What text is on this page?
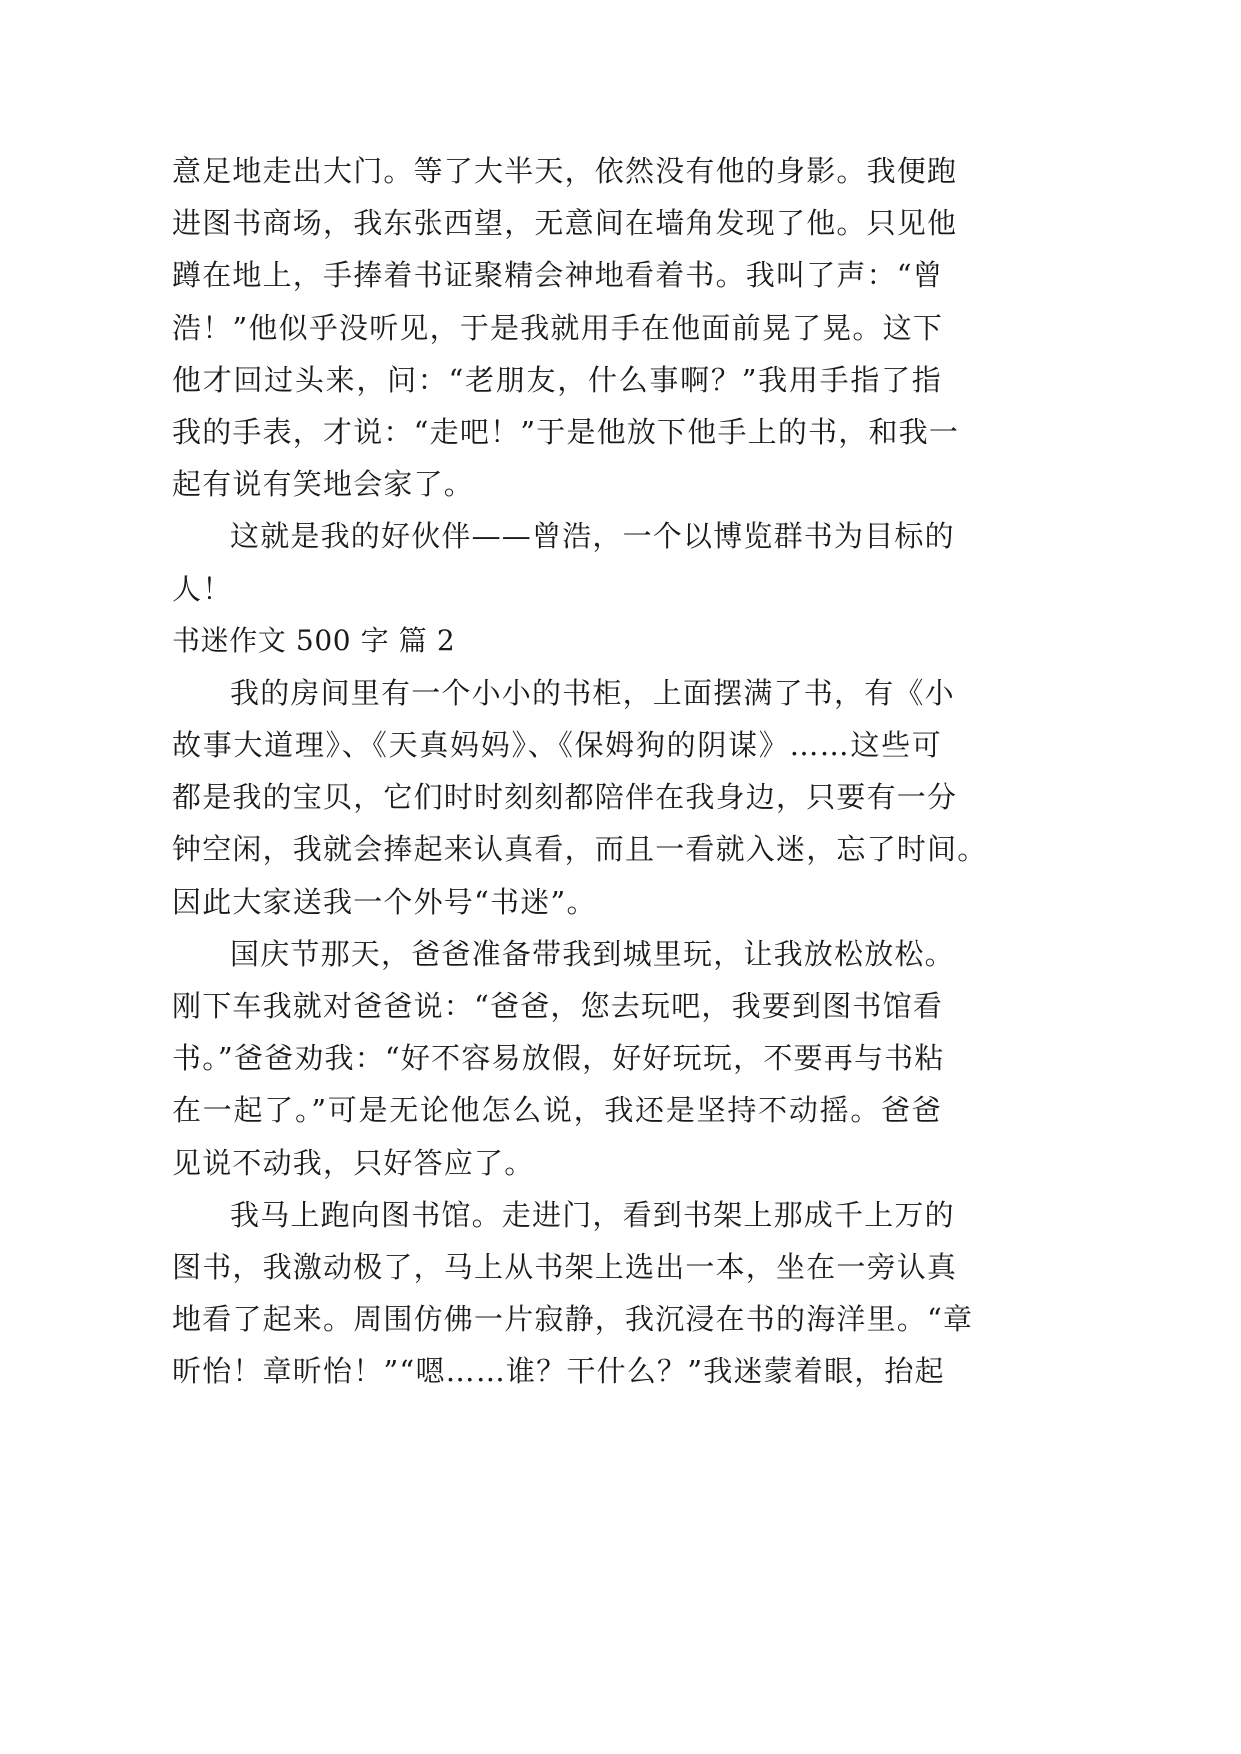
意足地走出大门。等了大半天，依然没有他的身影。我便跑
进图书商场，我东张西望，无意间在墙角发现了他。只见他
蹲在地上，手捧着书证聚精会神地看着书。我叫了声：“曾
浩！”他似乎没听见，于是我就用手在他面前晃了晃。这下
他才回过头来，问：“老朋友，什么事啊？”我用手指了指
我的手表，才说：“走吧！”于是他放下他手上的书，和我一
起有说有笑地会家了。
这就是我的好伙伴——曾浩，一个以博览群书为目标的
人！
书迷作文 500 字 篇 2
我的房间里有一个小小的书柜，上面摆满了书，有《小
故事大道理》、《天真妈妈》、《保姆狗的阴谋》……这些可
都是我的宝贝，它们时时刻刻都陪伴在我身边，只要有一分
钟空闲，我就会捧起来认真看，而且一看就入迷，忘了时间。
因此大家送我一个外号“书迷”。
国庆节那天，爸爸准备带我到城里玩，让我放松放松。
刚下车我就对爸爸说：“爸爸，您去玩吧，我要到图书馆看
书。”爸爸劝我：“好不容易放假，好好玩玩，不要再与书粘
在一起了。”可是无论他怎么说，我还是坚持不动摇。爸爸
见说不动我，只好答应了。
我马上跑向图书馆。走进门，看到书架上那成千上万的
图书，我激动极了，马上从书架上选出一本，坐在一旁认真
地看了起来。周围仿佛一片寂静，我沉浸在书的海洋里。“章
昕怡！章昕怡！”“嗯……谁？干什么？”我迷蒙着眼，抬起
